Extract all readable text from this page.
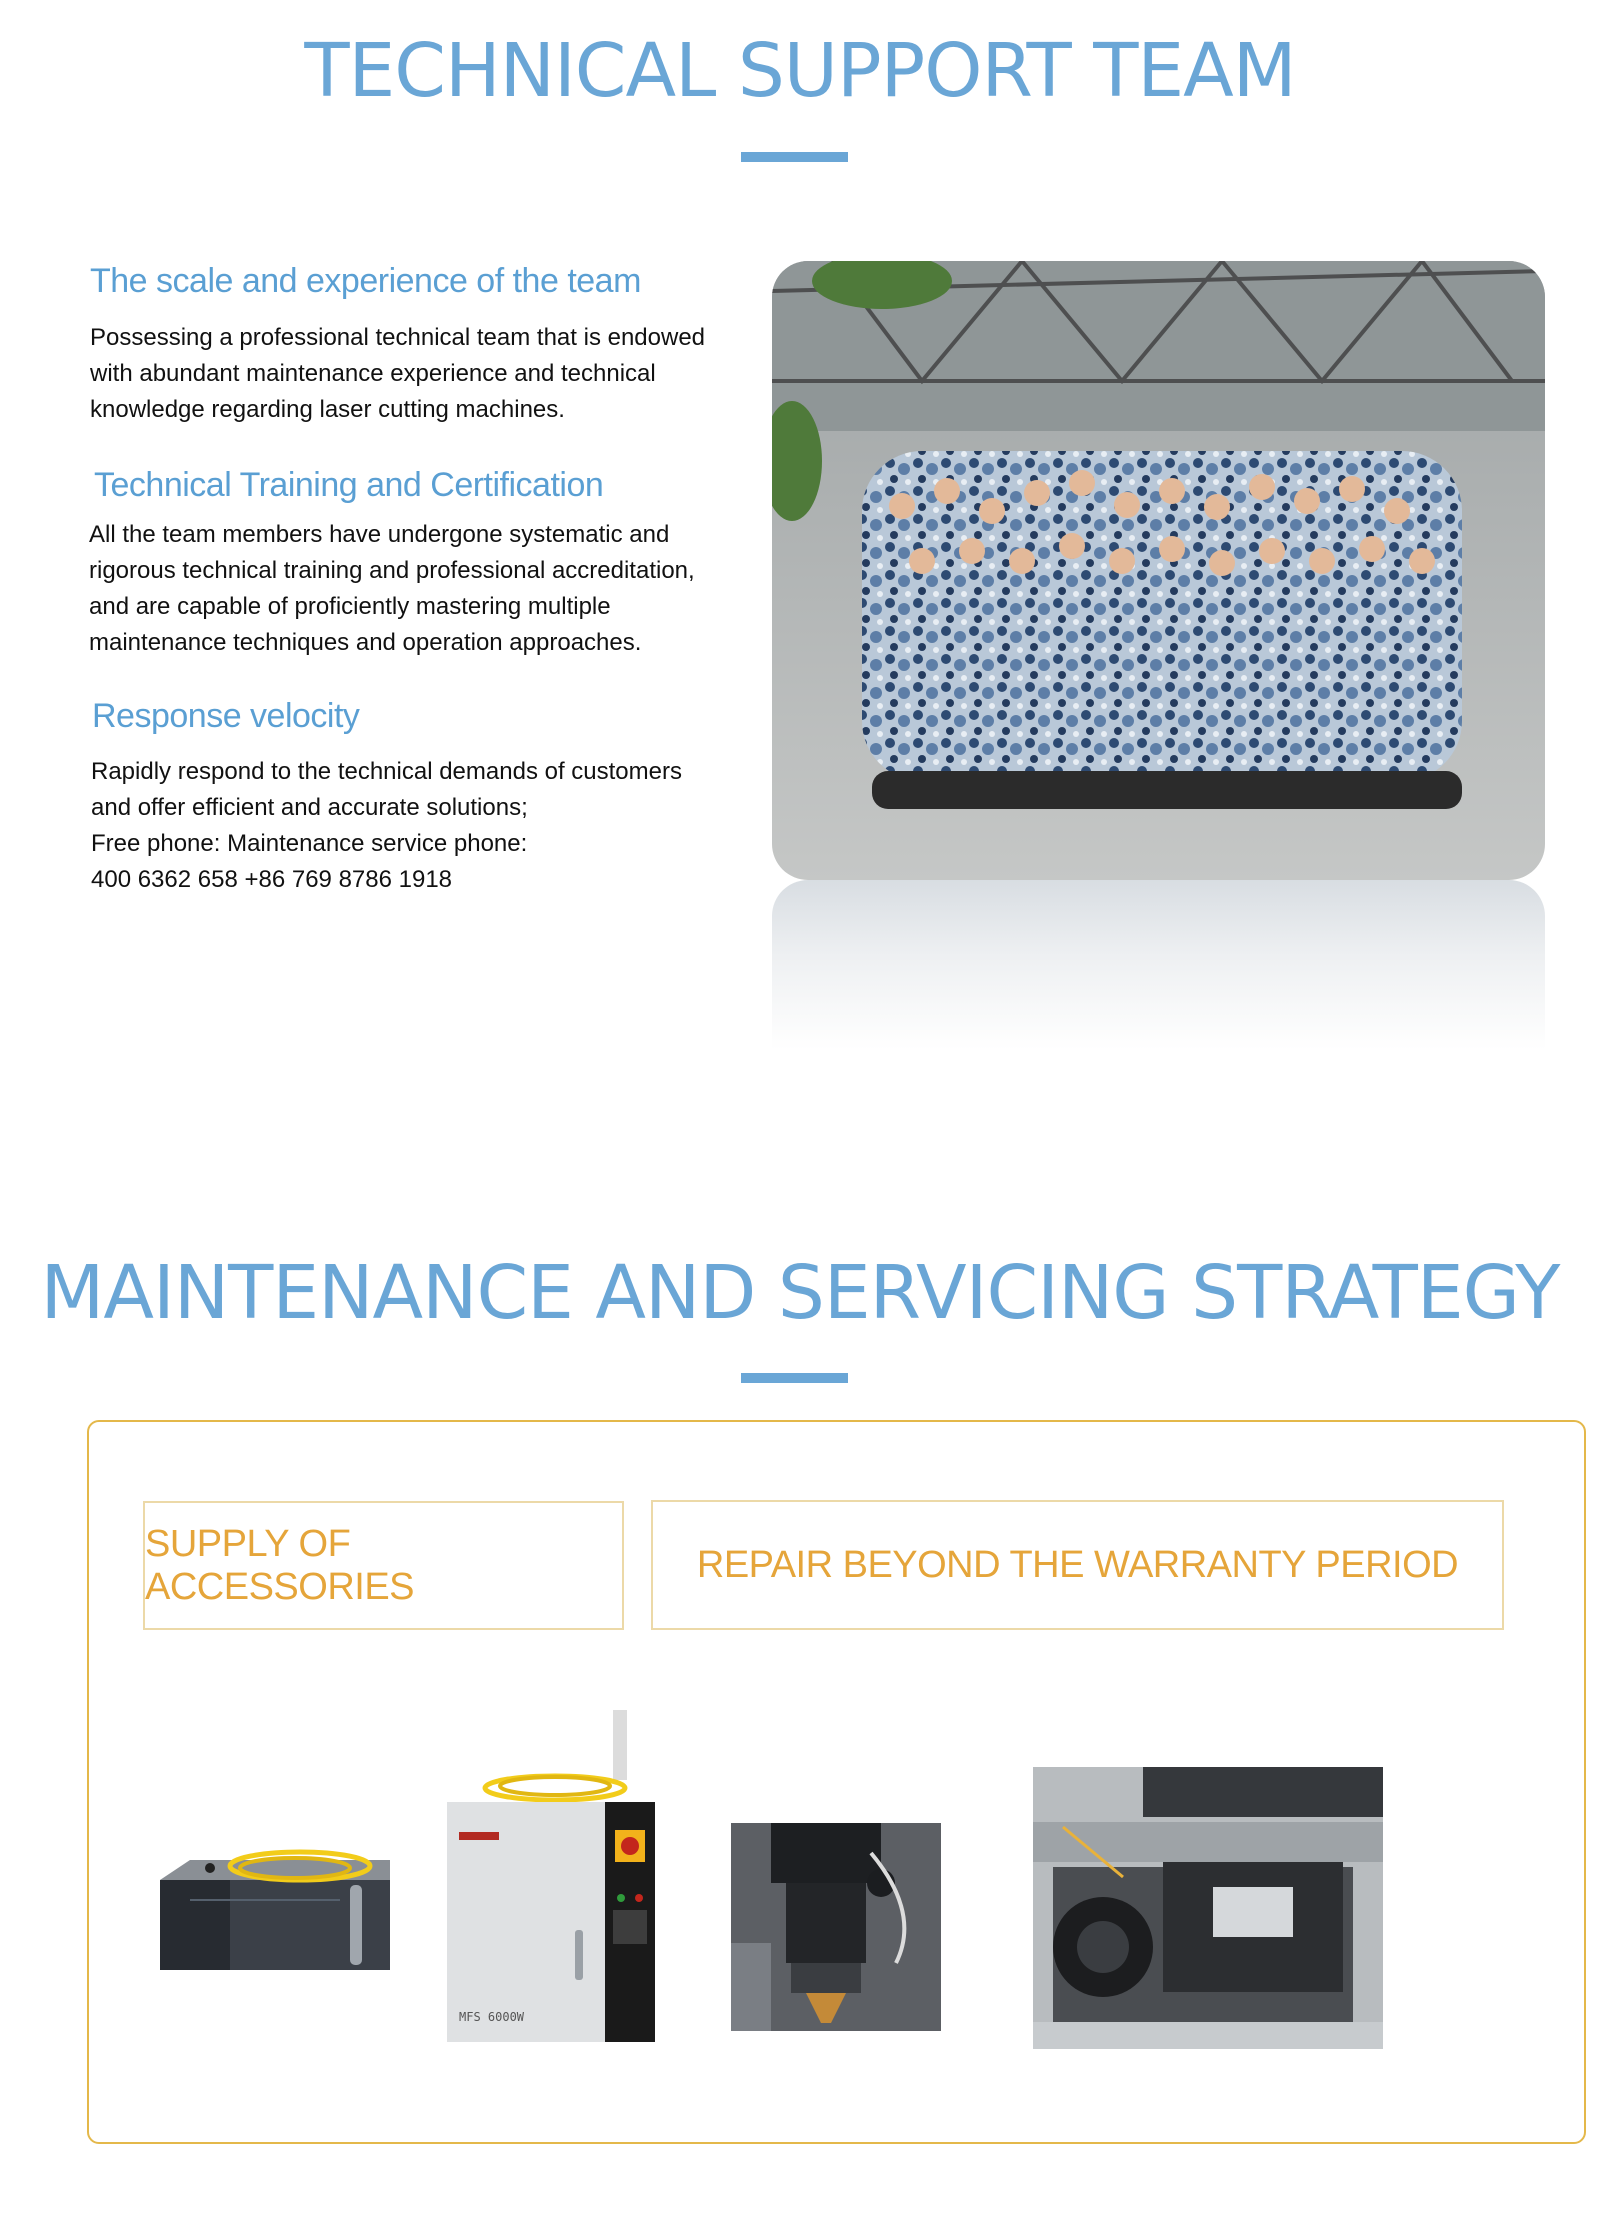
TECHNICAL SUPPORT TEAM
The scale and experience of the team
Possessing a professional technical team that is endowed
with abundant maintenance experience and technical
knowledge regarding laser cutting machines.
Technical Training and Certification
All the team members have undergone systematic and
rigorous technical training and professional accreditation,
and are capable of proficiently mastering multiple
maintenance techniques and operation approaches.
Response velocity
Rapidly respond to the technical demands of customers
and offer efficient and accurate solutions;
Free phone: Maintenance service phone:
400 6362 658 +86 769 8786 1918
MAINTENANCE AND SERVICING STRATEGY
SUPPLY OF ACCESSORIES
REPAIR BEYOND THE WARRANTY PERIOD
MFS 6000W
